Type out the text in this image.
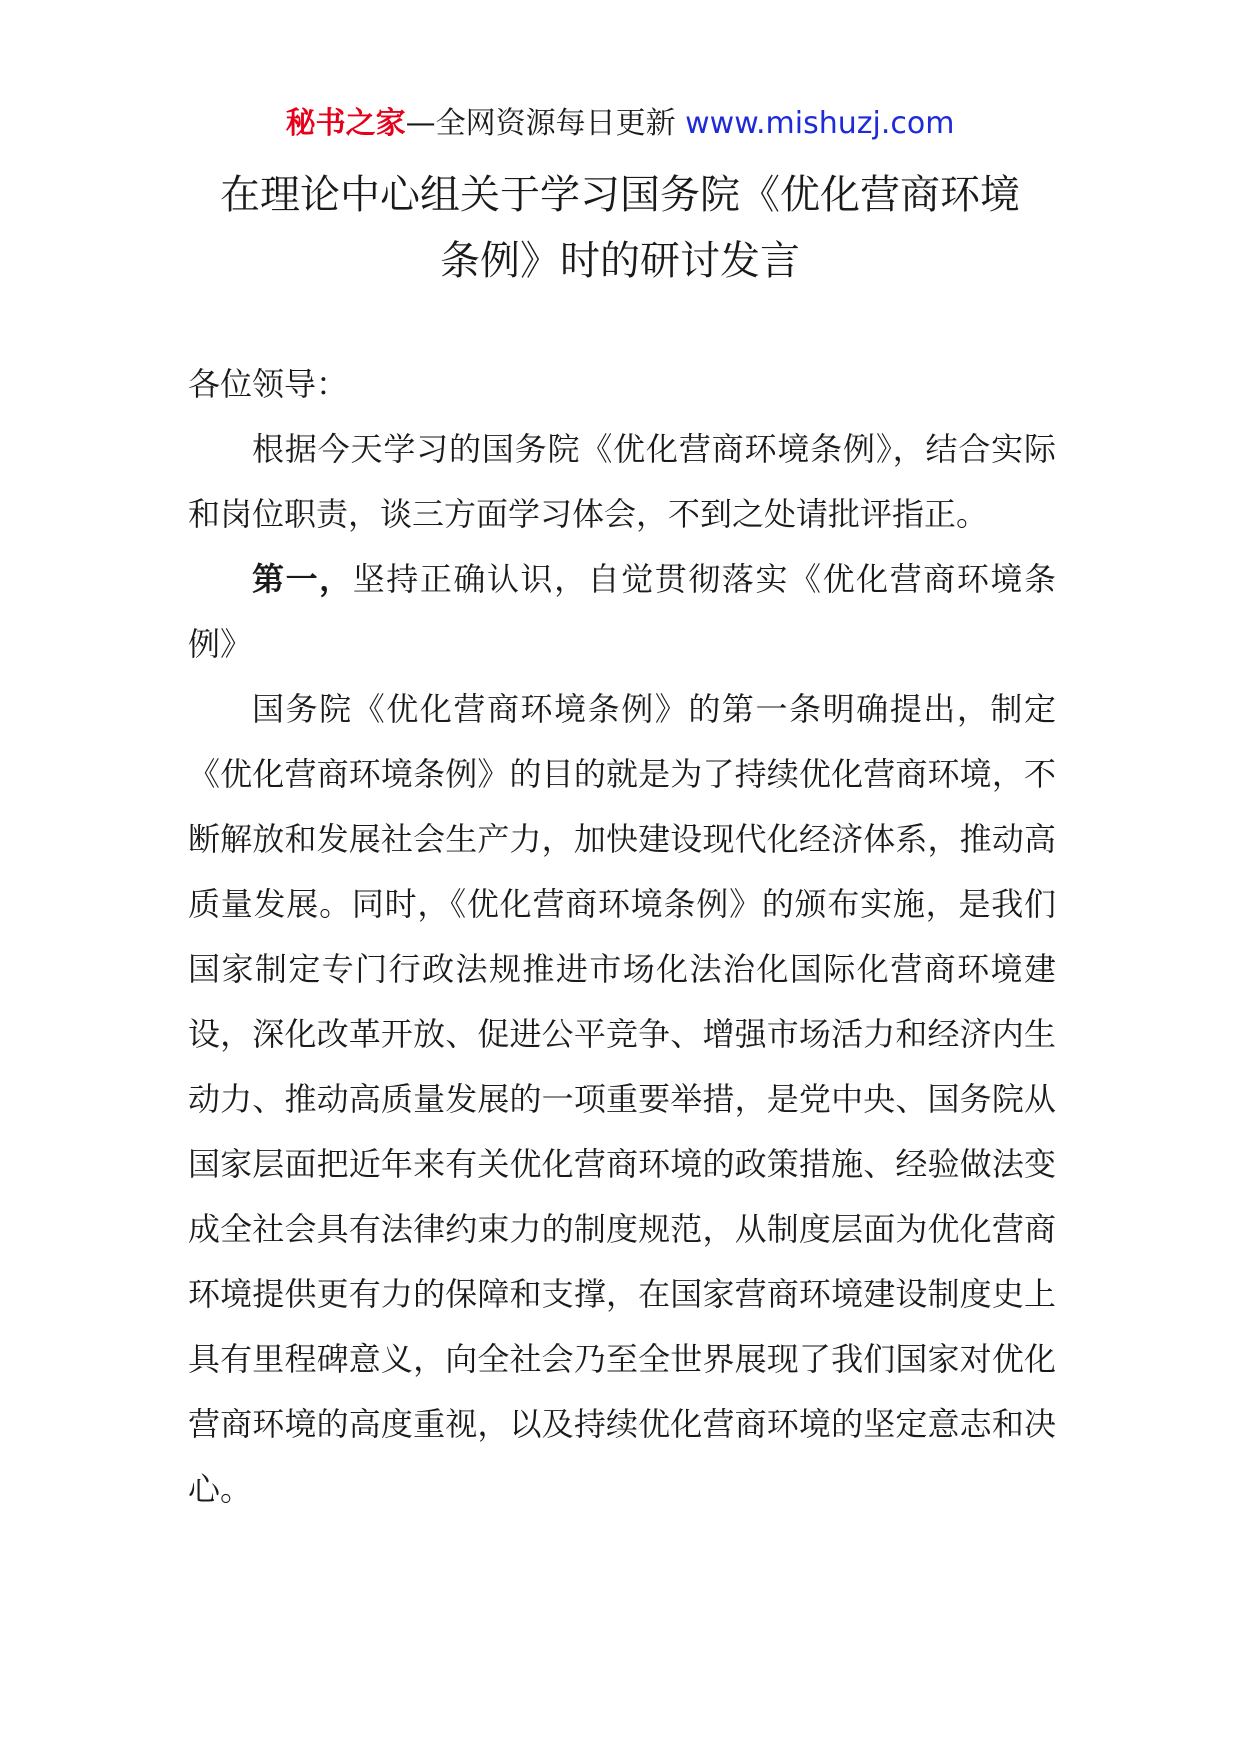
秘书之家—全网资源每日更新 www.mishuzj.com
在理论中心组关于学习国务院《优化营商环境
条例》时的研讨发言

各位领导：

根据今天学习的国务院《优化营商环境条例》，结合实际和岗位职责，谈三方面学习体会，不到之处请批评指正。

第一，坚持正确认识，自觉贯彻落实《优化营商环境条例》

国务院《优化营商环境条例》的第一条明确提出，制定《优化营商环境条例》的目的就是为了持续优化营商环境，不断解放和发展社会生产力，加快建设现代化经济体系，推动高质量发展。同时，《优化营商环境条例》的颁布实施，是我们国家制定专门行政法规推进市场化法治化国际化营商环境建设，深化改革开放、促进公平竞争、增强市场活力和经济内生动力、推动高质量发展的一项重要举措，是党中央、国务院从国家层面把近年来有关优化营商环境的政策措施、经验做法变成全社会具有法律约束力的制度规范，从制度层面为优化营商环境提供更有力的保障和支撑，在国家营商环境建设制度史上具有里程碑意义，向全社会乃至全世界展现了我们国家对优化营商环境的高度重视，以及持续优化营商环境的坚定意志和决心。
